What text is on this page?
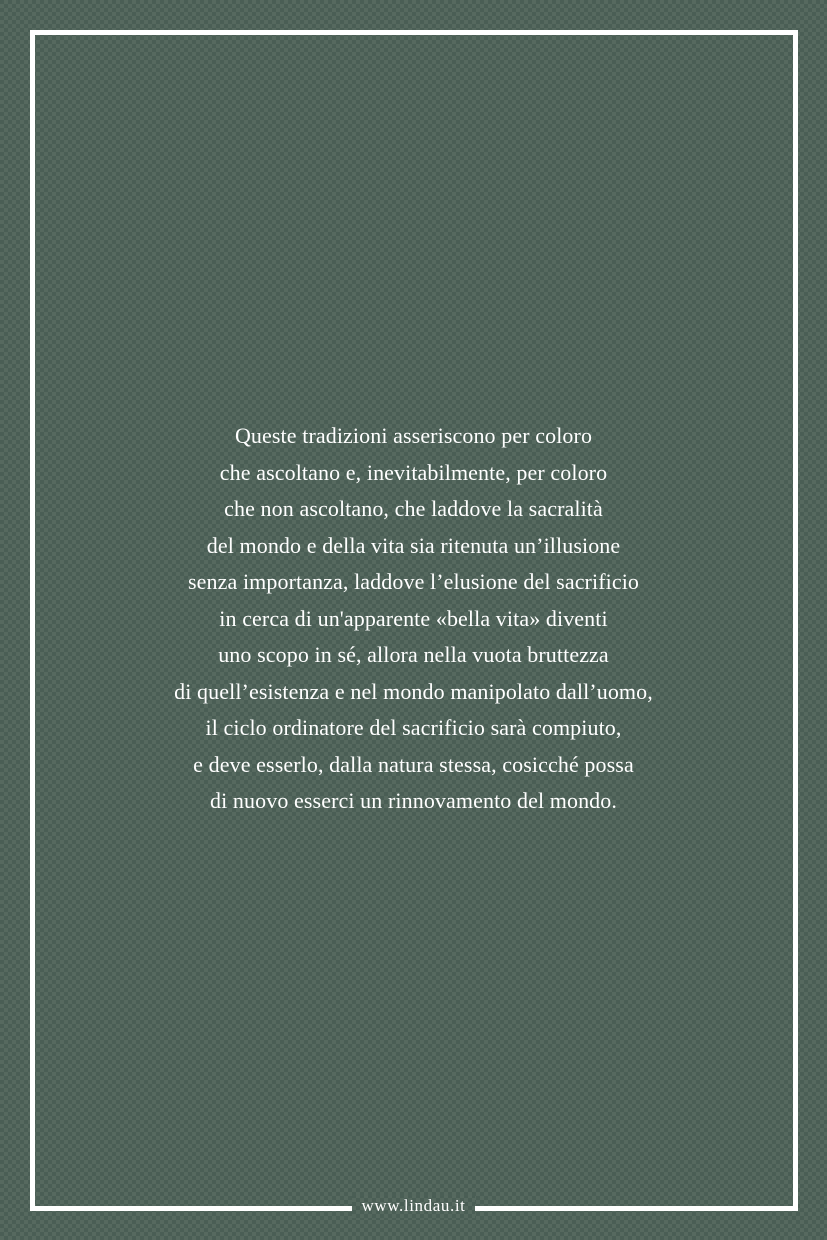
Queste tradizioni asseriscono per coloro
che ascoltano e, inevitabilmente, per coloro
che non ascoltano, che laddove la sacralità
del mondo e della vita sia ritenuta un’illusione
senza importanza, laddove l’elusione del sacrificio
in cerca di un'apparente «bella vita» diventi
uno scopo in sé, allora nella vuota bruttezza
di quell’esistenza e nel mondo manipolato dall’uomo,
il ciclo ordinatore del sacrificio sarà compiuto,
e deve esserlo, dalla natura stessa, cosicché possa
di nuovo esserci un rinnovamento del mondo.

www.lindau.it
